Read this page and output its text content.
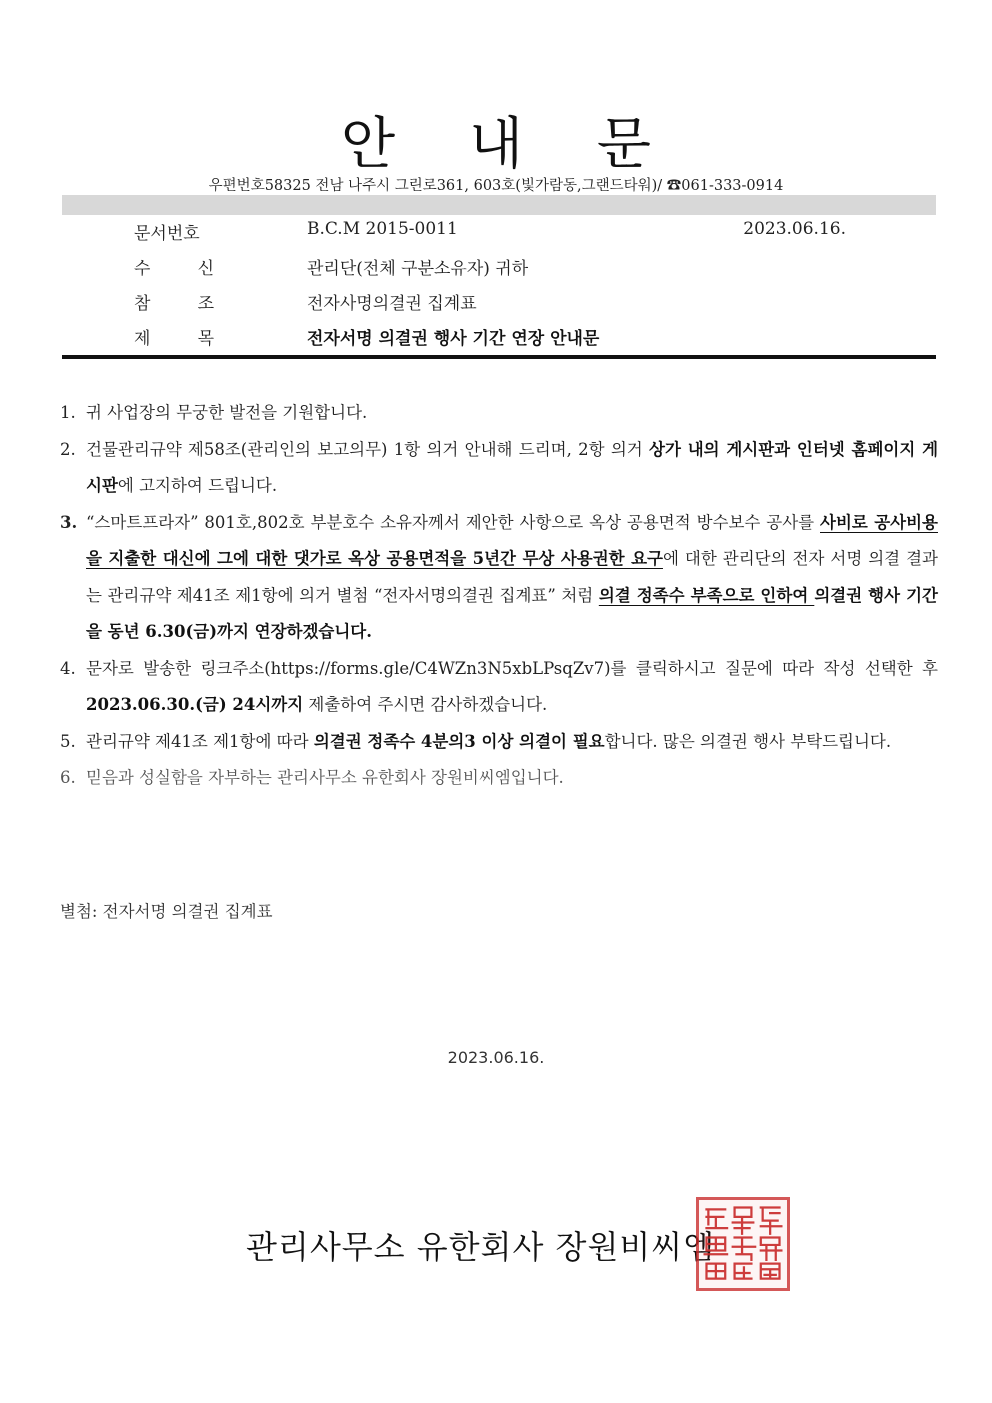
안 내 문
우편번호58325 전남 나주시 그린로361, 603호(빛가람동,그랜드타워)/ ☎061-333-0914
문서번호	B.C.M 2015-0011	2023.06.16.
수	신	관리단(전체 구분소유자) 귀하
참	조	전자사명의결권 집계표
제	목	전자서명 의결권 행사 기간 연장 안내문
1. 귀 사업장의 무궁한 발전을 기원합니다.
2. 건물관리규약 제58조(관리인의 보고의무) 1항 의거 안내해 드리며, 2항 의거 상가 내의 게시판과 인터넷 홈페이지 게시판에 고지하여 드립니다.
3. “스마트프라자” 801호,802호 부분호수 소유자께서 제안한 사항으로 옥상 공용면적 방수보수 공사를 사비로 공사비용을 지출한 대신에 그에 대한 댓가로 옥상 공용면적을 5년간 무상 사용권한 요구에 대한 관리단의 전자 서명 의결 결과는 관리규약 제41조 제1항에 의거 별첨 “전자서명의결권 집계표” 처럼 의결 정족수 부족으로 인하여 의결권 행사 기간을 동년 6.30(금)까지 연장하겠습니다.
4. 문자로 발송한 링크주소(https://forms.gle/C4WZn3N5xbLPsqZv7)를 클릭하시고 질문에 따라 작성 선택한 후 2023.06.30.(금) 24시까지 제출하여 주시면 감사하겠습니다.
5. 관리규약 제41조 제1항에 따라 의결권 정족수 4분의3 이상 의결이 필요합니다. 많은 의결권 행사 부탁드립니다.
6. 믿음과 성실함을 자부하는 관리사무소 유한회사 장원비씨엠입니다.
별첨: 전자서명 의결권 집계표
2023.06.16.
관리사무소 유한회사 장원비씨엠
